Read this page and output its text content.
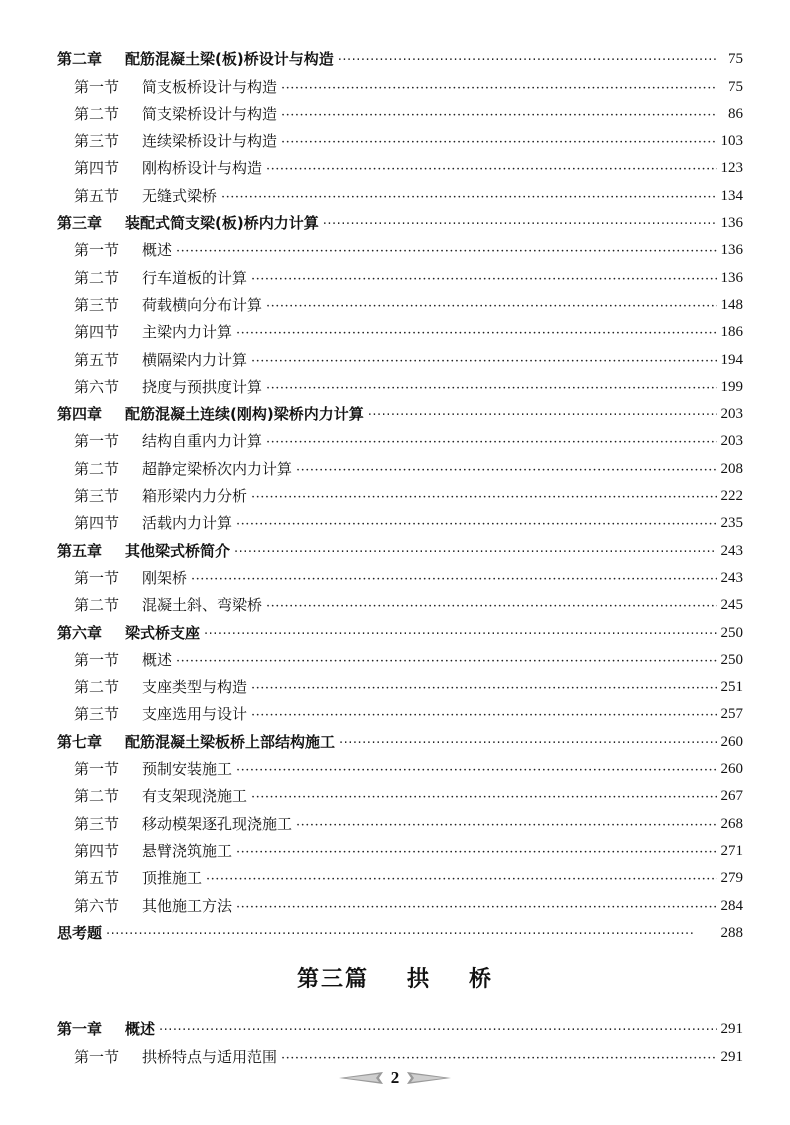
第二章	配筋混凝土梁(板)桥设计与构造 ·····	75
第一节	简支板桥设计与构造 ·····	75
第二节	简支梁桥设计与构造 ·····	86
第三节	连续梁桥设计与构造 ·····	103
第四节	刚构桥设计与构造 ·····	123
第五节	无缝式梁桥 ·····	134
第三章	装配式简支梁(板)桥内力计算 ·····	136
第一节	概述 ·····	136
第二节	行车道板的计算 ·····	136
第三节	荷载横向分布计算 ·····	148
第四节	主梁内力计算 ·····	186
第五节	横隔梁内力计算 ·····	194
第六节	挠度与预拱度计算 ·····	199
第四章	配筋混凝土连续(刚构)梁桥内力计算 ·····	203
第一节	结构自重内力计算 ·····	203
第二节	超静定梁桥次内力计算 ·····	208
第三节	箱形梁内力分析 ·····	222
第四节	活载内力计算 ·····	235
第五章	其他梁式桥简介 ·····	243
第一节	刚架桥 ·····	243
第二节	混凝土斜、弯梁桥 ·····	245
第六章	梁式桥支座 ·····	250
第一节	概述 ·····	250
第二节	支座类型与构造 ·····	251
第三节	支座选用与设计 ·····	257
第七章	配筋混凝土梁板桥上部结构施工 ·····	260
第一节	预制安装施工 ·····	260
第二节	有支架现浇施工 ·····	267
第三节	移动模架逐孔现浇施工 ·····	268
第四节	悬臂浇筑施工 ·····	271
第五节	顶推施工 ·····	279
第六节	其他施工方法 ·····	284
思考题 ·····	288
第三篇 拱 桥
第一章	概述 ·····	291
第一节	拱桥特点与适用范围 ·····	291
2
